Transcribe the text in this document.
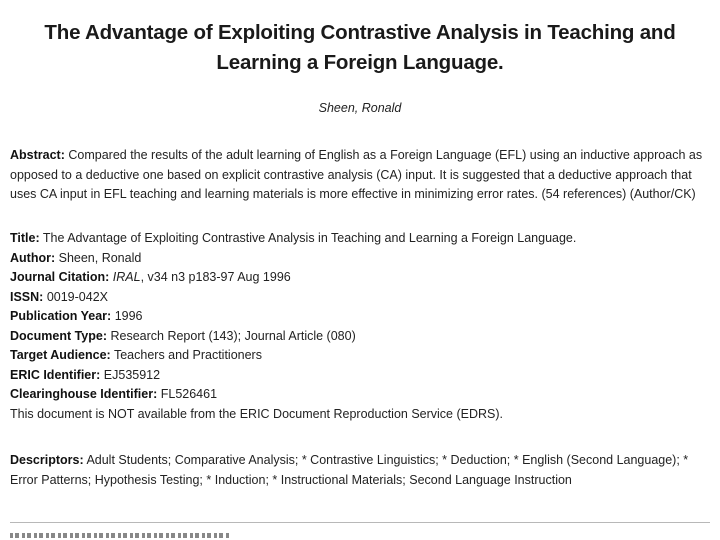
The Advantage of Exploiting Contrastive Analysis in Teaching and Learning a Foreign Language.
Sheen, Ronald
Abstract: Compared the results of the adult learning of English as a Foreign Language (EFL) using an inductive approach as opposed to a deductive one based on explicit contrastive analysis (CA) input. It is suggested that a deductive approach that uses CA input in EFL teaching and learning materials is more effective in minimizing error rates. (54 references) (Author/CK)
Title: The Advantage of Exploiting Contrastive Analysis in Teaching and Learning a Foreign Language.
Author: Sheen, Ronald
Journal Citation: IRAL, v34 n3 p183-97 Aug 1996
ISSN: 0019-042X
Publication Year: 1996
Document Type: Research Report (143); Journal Article (080)
Target Audience: Teachers and Practitioners
ERIC Identifier: EJ535912
Clearinghouse Identifier: FL526461
This document is NOT available from the ERIC Document Reproduction Service (EDRS).
Descriptors: Adult Students; Comparative Analysis; * Contrastive Linguistics; * Deduction; * English (Second Language); * Error Patterns; Hypothesis Testing; * Induction; * Instructional Materials; Second Language Instruction
